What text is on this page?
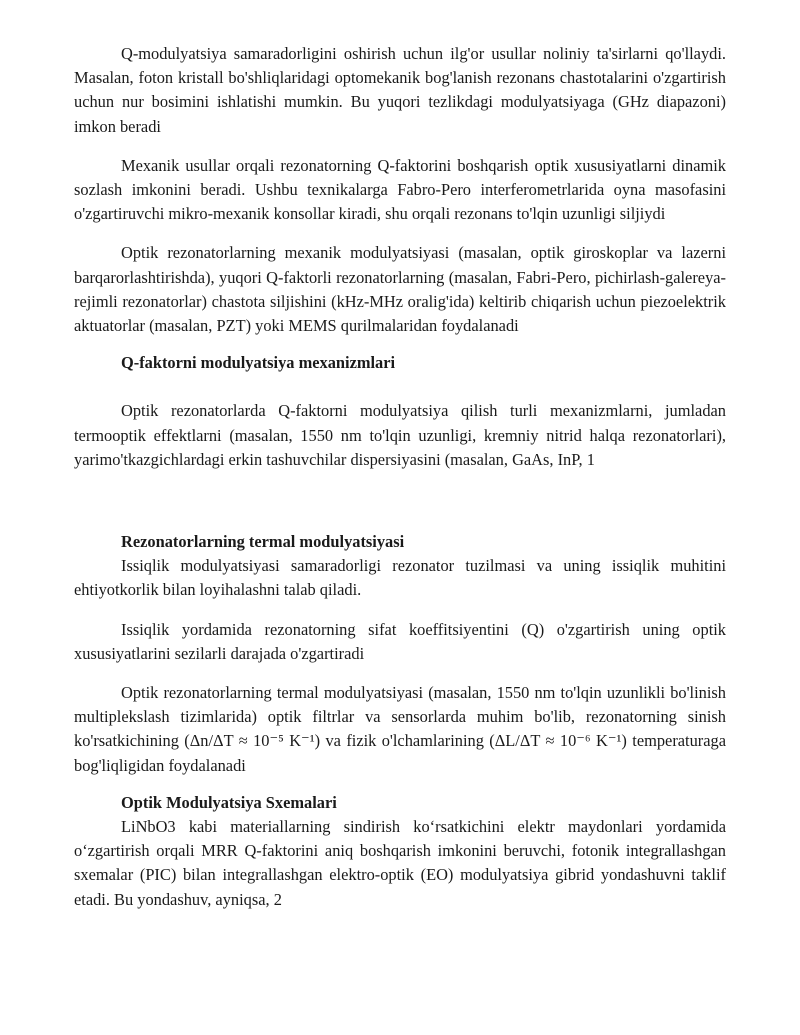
Q-modulyatsiya samaradorligini oshirish uchun ilg'or usullar noliniy ta'sirlarni qo'llaydi. Masalan, foton kristall bo'shliqlaridagi optomekanik bog'lanish rezonans chastotalarini o'zgartirish uchun nur bosimini ishlatishi mumkin. Bu yuqori tezlikdagi modulyatsiyaga (GHz diapazoni) imkon beradi

Mexanik usullar orqali rezonatorning Q-faktorini boshqarish optik xususiyatlarni dinamik sozlash imkonini beradi. Ushbu texnikalarga Fabro-Pero interferometrlarida oyna masofasini o'zgartiruvchi mikro-mexanik konsollar kiradi, shu orqali rezonans to'lqin uzunligi siljiydi

Optik rezonatorlarning mexanik modulyatsiyasi (masalan, optik giroskoplar va lazerni barqarorlashtirishda), yuqori Q-faktorli rezonatorlarning (masalan, Fabri-Pero, pichirlash-galereya-rejimli rezonatorlar) chastota siljishini (kHz-MHz oralig'ida) keltirib chiqarish uchun piezoelektrik aktuatorlar (masalan, PZT) yoki MEMS qurilmalaridan foydalanadi

Q-faktorni modulyatsiya mexanizmlari

Optik rezonatorlarda Q-faktorni modulyatsiya qilish turli mexanizmlarni, jumladan termooptik effektlarni (masalan, 1550 nm to'lqin uzunligi, kremniy nitrid halqa rezonatorlari), yarimo'tkazgichlardagi erkin tashuvchilar dispersiyasini (masalan, GaAs, InP, 1

Rezonatorlarning termal modulyatsiyasi

Issiqlik modulyatsiyasi samaradorligi rezonator tuzilmasi va uning issiqlik muhitini ehtiyotkorlik bilan loyihalashni talab qiladi.

Issiqlik yordamida rezonatorning sifat koeffitsiyentini (Q) o'zgartirish uning optik xususiyatlarini sezilarli darajada o'zgartiradi

Optik rezonatorlarning termal modulyatsiyasi (masalan, 1550 nm to'lqin uzunlikli bo'linish multiplekslash tizimlarida) optik filtrlar va sensorlarda muhim bo'lib, rezonatorning sinish ko'rsatkichining (Δn/ΔT ≈ 10⁻⁵ K⁻¹) va fizik o'lchamlarining (ΔL/ΔT ≈ 10⁻⁶ K⁻¹) temperaturaga bog'liqligidan foydalanadi

Optik Modulyatsiya Sxemalari

LiNbO3 kabi materiallarning sindirish koʻrsatkichini elektr maydonlari yordamida oʻzgartirish orqali MRR Q-faktorini aniq boshqarish imkonini beruvchi, fotonik integrallashgan sxemalar (PIC) bilan integrallashgan elektro-optik (EO) modulyatsiya gibrid yondashuvni taklif etadi. Bu yondashuv, ayniqsa, 2
